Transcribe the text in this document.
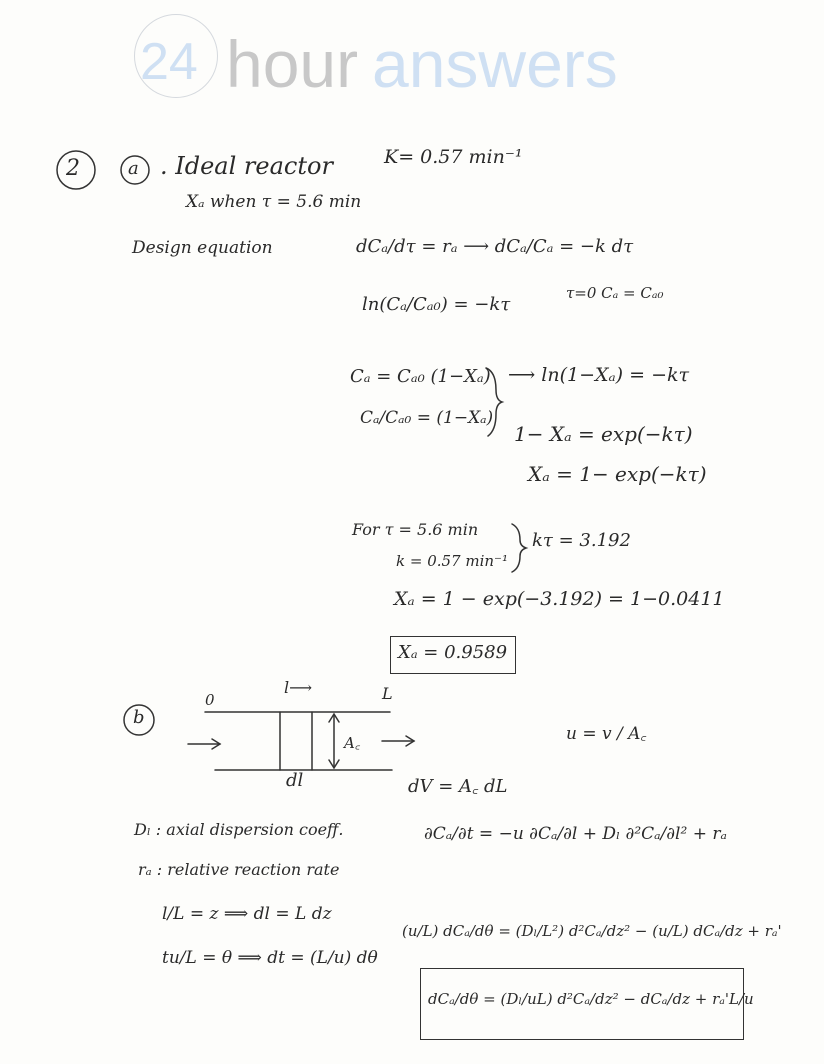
24 hour answers
2	a . Ideal reactor	K= 0.57 min⁻¹
Xₐ when τ = 5.6 min
Design equation	dCₐ/dτ = rₐ ⟶ dCₐ/Cₐ = −k dτ
ln(Cₐ/Cₐ₀) = −kτ
τ=0 Cₐ = Cₐ₀
Cₐ = Cₐ₀ (1−Xₐ)
Cₐ/Cₐ₀ = (1−Xₐ)
⟶ ln(1−Xₐ) = −kτ
1− Xₐ = exp(−kτ)
Xₐ = 1− exp(−kτ)
For τ = 5.6 min
k = 0.57 min⁻¹
kτ = 3.192
Xₐ = 1 − exp(−3.192) = 1−0.0411
Xₐ = 0.9589
b
0
l⟶	L
A꜀
dl
u = v / A꜀
dV = A꜀ dL
Dₗ : axial dispersion coeff.
rₐ : relative reaction rate
∂Cₐ/∂t = −u ∂Cₐ/∂l + Dₗ ∂²Cₐ/∂l² + rₐ
l/L = z ⟹ dl = L dz
tu/L = θ ⟹ dt = (L/u) dθ
(u/L) dCₐ/dθ = (Dₗ/L²) d²Cₐ/dz² − (u/L) dCₐ/dz + rₐ'
dCₐ/dθ = (Dₗ/uL) d²Cₐ/dz² − dCₐ/dz + rₐ'L/u
